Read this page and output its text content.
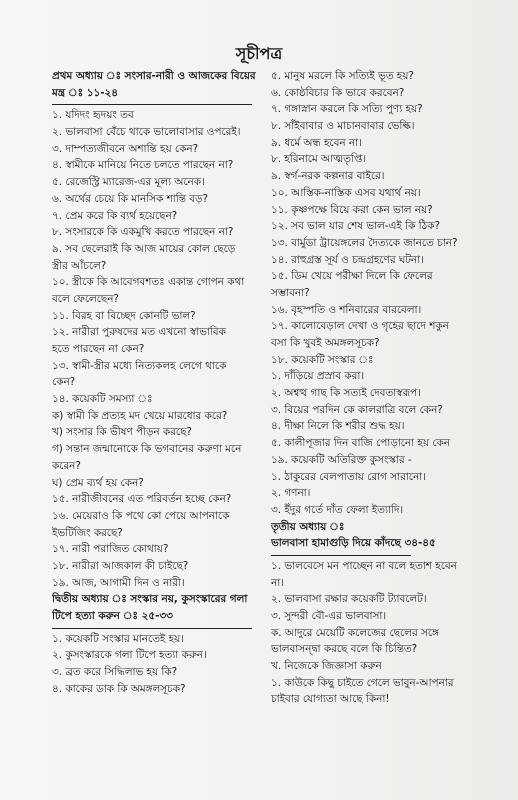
সূচীপত্র
প্রথম অধ্যায় ঃ সংসার-নারী ও আজকের বিয়ের
মন্ত্র ঃ ১১-২৪
১. যদিদং হৃদয়ং তব
২. ভালবাসা বেঁচে থাকে ভালোবাসার ওপরেই।
৩. দাম্পত্যজীবনে অশান্তি হয় কেন?
৪. স্বামীকে মানিয়ে নিতে চলতে পারছেন না?
৫. রেজেস্ট্রি ম্যারেজ-এর মূল্য অনেক।
৬. অর্থের চেয়ে কি মানসিক শান্তি বড়?
৭. প্রেম করে কি ব্যর্থ হয়েছেন?
৮. সংসারকে কি একমুখি করতে পারছেন না?
৯. সব ছেলেরাই কি আজ মায়ের কোল ছেড়ে
স্ত্রীর আঁচলে?
১০. স্ত্রীকে কি আবেগবশতঃ একান্ত গোপন কথা
বলে ফেলেছেন?
১১. বিরহ বা বিচ্ছেদ কোনটি ভাল?
১২. নারীরা পুরুষদের মত এখনো স্বাভাবিক
হতে পারছেন না কেন?
১৩. স্বামী-স্ত্রীর মধ্যে নিত্যকলহ লেগে থাকে
কেন?
১৪. কয়েকটি সমস্যা ঃ
ক) স্বামী কি প্রত্যহ মদ খেয়ে মারধোর করে?
খ) সংসার কি ভীষণ পীড়ন করছে?
গ) সন্তান জন্মানোকে কি ভগবানের করুণা মনে
করেন?
ঘ) প্রেম ব্যর্থ হয় কেন?
১৫. নারীজীবনের এত পরিবর্তন হচ্ছে কেন?
১৬. মেয়েরাও কি পথে কো পেয়ে আপনাকে
ইভটিজিং করছে?
১৭. নারী পরাজিত কোথায়?
১৮. নারীরা আজকাল কী চাইছে?
১৯. আজ, আগামী দিন ও নারী।
দ্বিতীয় অধ্যায় ঃ সংস্কার নয়, কুসংস্কারের গলা
টিপে হত্যা করুন ঃ ২৫-৩৩
১. কয়েকটি সংস্কার মানতেই হয়।
২. কুসংস্কারকে গলা টিপে হত্যা করুন।
৩. ব্রত করে সিদ্ধিলাভ হয় কি?
৪. কাকের ডাক কি অমঙ্গলসূচক?
৫. মানুষ মরলে কি সত্যিই ভূত হয়?
৬. কোষ্ঠবিচার কি ভাবে করবেন?
৭. গঙ্গাস্নান করলে কি সত্যি পুণ্য হয়?
৮. সাঁইবাবার ও মাচানবাবার ভেল্কি।
৯. ধর্মে অন্ধ হবেন না।
৮. হরিনামে আত্মতৃপ্তি।
৯. স্বর্গ-নরক কল্পনার বাইরে।
১০. আস্তিক-নাস্তিক এসব যথার্থ নয়।
১১. কৃষ্ণপক্ষে বিয়ে করা কেন ভাল নয়?
১২. সব ভাল যার শেষ ভাল-এই কি ঠিক?
১৩. বার্মুডা ট্রায়েঙ্গলের দৈত্যকে জানতে চান?
১৪. রাহুগ্রস্ত সূর্য ও চন্দ্রগ্রহণের ঘটনা।
১৫. ডিম খেয়ে পরীক্ষা দিলে কি ফেলের
সম্ভাবনা?
১৬. বৃহস্পতি ও শনিবারের বারবেলা।
১৭. কালোবেড়াল দেখা ও গৃহের ছাদে শকুন
বসা কি খুবই অমঙ্গলসূচক?
১৮. কয়েকটি সংস্কার ঃ
১. দাঁড়িয়ে প্রস্রাব করা।
২. অশ্বত্থ গাছ কি সত্যই দেবতাস্বরূপ।
৩. বিয়ের পরদিন কে কালরাত্রি বলে কেন?
৪. দীক্ষা নিলে কি শরীর শুদ্ধ হয়।
৫. কালীপূজার দিন বাজি পোড়ানো হয় কেন
১৯. কয়েকটি অতিরিক্ত কুসংস্কার -
১. ঠাকুরের বেলপাতায় রোগ সারানো।
২. গণনা।
৩. ইঁদুর গর্তে দাঁত ফেলা ইত্যাদি।
তৃতীয় অধ্যায় ঃ
ভালবাসা হামাগুড়ি দিয়ে কাঁদছে ৩৪-৪৫
১. ভালবেসে মন পাচ্ছেন না বলে হতাশ হবেন
না।
২. ভালবাসা রক্ষার কয়েকটি ট্যাবলেট।
৩. সুন্দরী বৌ-এর ভালবাসা।
ক. আদুরে মেয়েটি কলেজের ছেলের সঙ্গে
ভালবাসন্দ্বা করছে বলে কি চিন্তিত?
খ. নিজেকে জিজ্ঞাসা করুন
১. কাউকে কিছু চাইতে গেলে ভাবুন-আপনার
চাইবার যোগ্যতা আছে কিনা!
